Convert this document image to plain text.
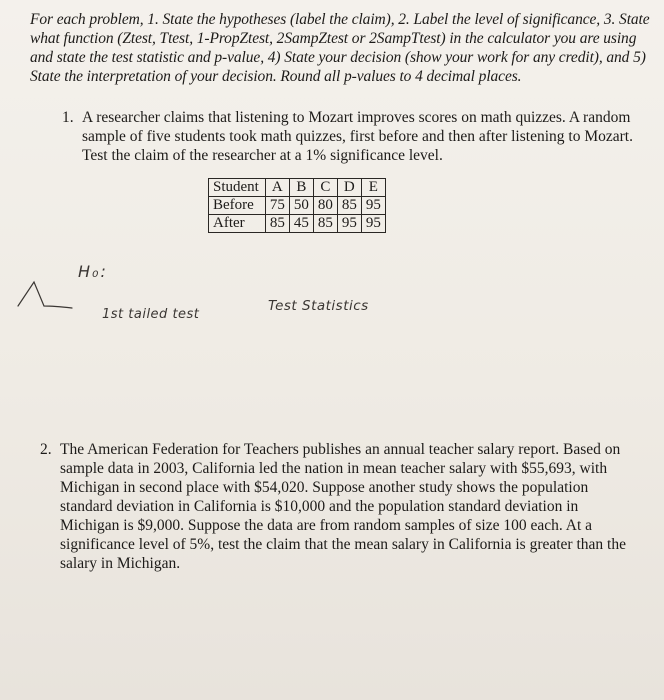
For each problem, 1. State the hypotheses (label the claim), 2. Label the level of significance, 3. State what function (Ztest, Ttest, 1-PropZtest, 2SampZtest or 2SampTtest) in the calculator you are using and state the test statistic and p-value, 4) State your decision (show your work for any credit), and 5) State the interpretation of your decision. Round all p-values to 4 decimal places.
1. A researcher claims that listening to Mozart improves scores on math quizzes. A random sample of five students took math quizzes, first before and then after listening to Mozart. Test the claim of the researcher at a 1% significance level.
Student	A	B	C	D	E
Before	75	50	80	85	95
After	85	45	85	95	95
H₀:
1st tailed test
Test Statistics
2. The American Federation for Teachers publishes an annual teacher salary report. Based on sample data in 2003, California led the nation in mean teacher salary with $55,693, with Michigan in second place with $54,020. Suppose another study shows the population standard deviation in California is $10,000 and the population standard deviation in Michigan is $9,000. Suppose the data are from random samples of size 100 each. At a significance level of 5%, test the claim that the mean salary in California is greater than the salary in Michigan.
